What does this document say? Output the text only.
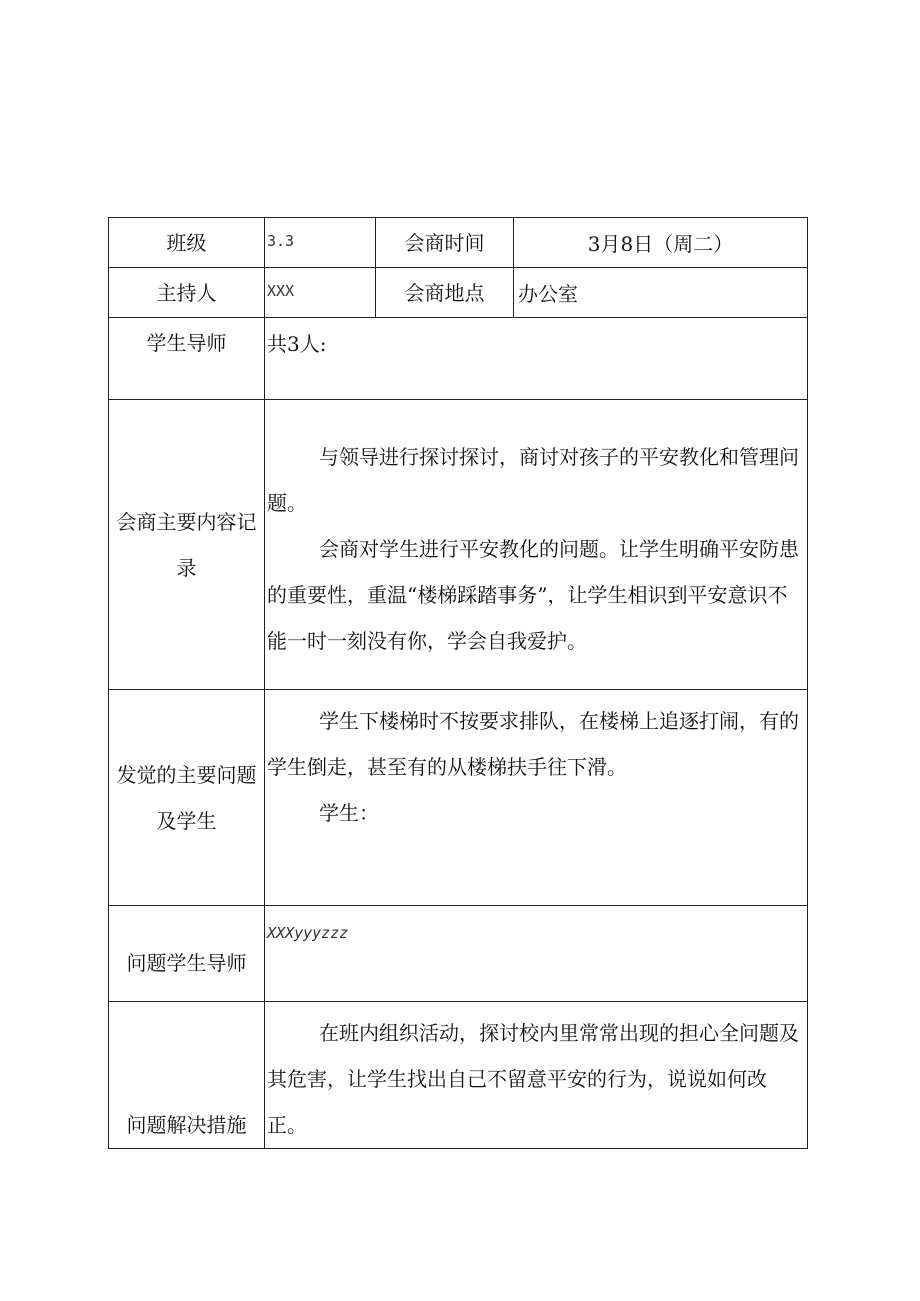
班级	3.3	会商时间	3月8日（周二）
主持人	XXX	会商地点	办公室
学生导师	共3人:		
会商主要内容记录	与领导进行探讨探讨，商讨对孩子的平安教化和管理问题。

会商对学生进行平安教化的问题。让学生明确平安防患的重要性，重温“楼梯踩踏事务”，让学生相识到平安意识不能一时一刻没有你，学会自我爱护。		

发觉的主要问题及学生	学生下楼梯时不按要求排队，在楼梯上追逐打闹，有的学生倒走，甚至有的从楼梯扶手往下滑。

学生：		

问题学生导师	XXXyyyzzz		
问题解决措施	在班内组织活动，探讨校内里常常出现的担心全问题及其危害，让学生找出自己不留意平安的行为，说说如何改正。		
